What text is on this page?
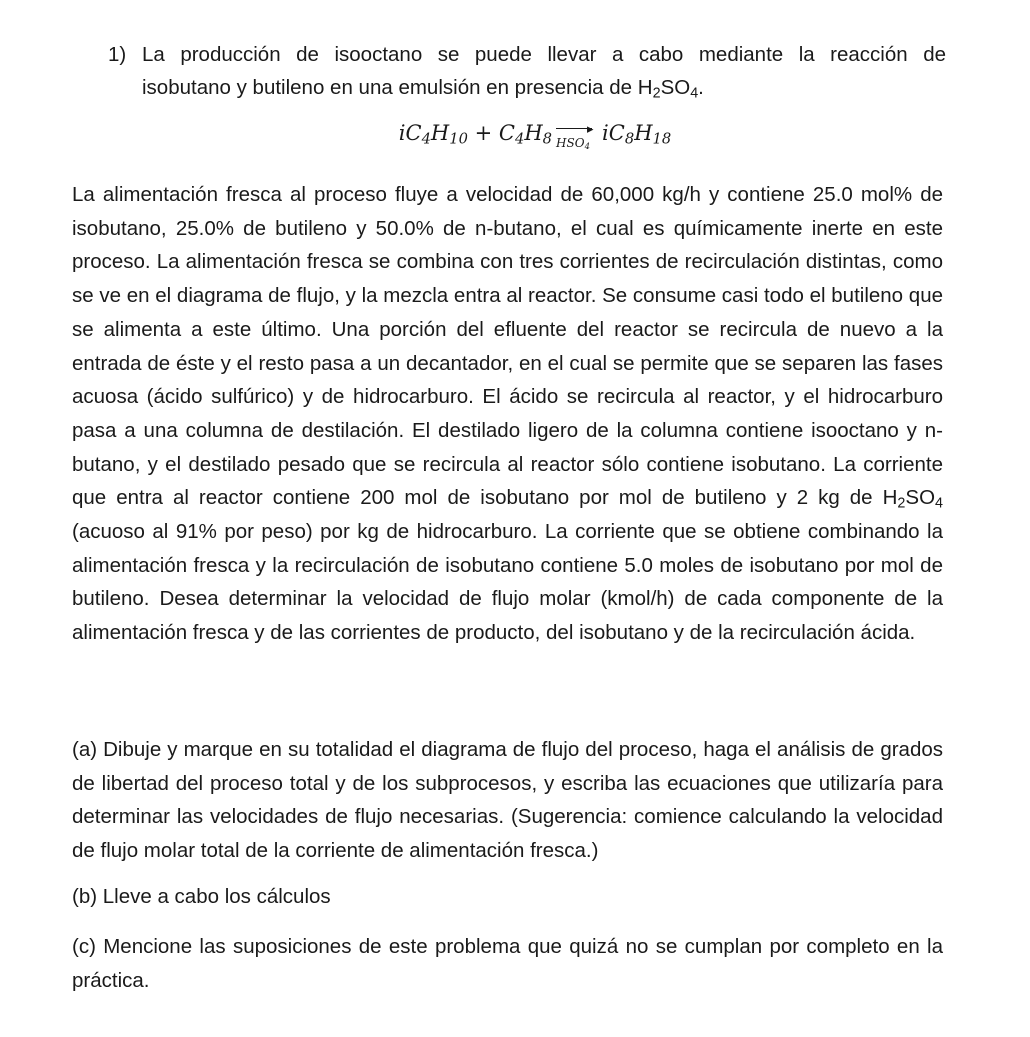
1) La producción de isooctano se puede llevar a cabo mediante la reacción de
isobutano y butileno en una emulsión en presencia de $H_2SO_4$.
$iC_4H_{10} + C_4H_8$
▸
$HSO_4$
$iC_8H_{18}$

La alimentación fresca al proceso fluye a velocidad de 60,000 kg/h y contiene 25.0 mol% de isobutano, 25.0% de butileno y 50.0% de n-butano, el cual es químicamente inerte en este proceso. La alimentación fresca se combina con tres corrientes de recirculación distintas, como se ve en el diagrama de flujo, y la mezcla entra al reactor. Se consume casi todo el butileno que se alimenta a este último. Una porción del efluente del reactor se recircula de nuevo a la entrada de éste y el resto pasa a un decantador, en el cual se permite que se separen las fases acuosa (ácido sulfúrico) y de hidrocarburo. El ácido se recircula al reactor, y el hidrocarburo pasa a una columna de destilación. El destilado ligero de la columna contiene isooctano y n-butano, y el destilado pesado que se recircula al reactor sólo contiene isobutano. La corriente que entra al reactor contiene 200 mol de isobutano por mol de butileno y 2 kg de $H_2SO_4$ (acuoso al 91% por peso) por kg de hidrocarburo. La corriente que se obtiene combinando la alimentación fresca y la recirculación de isobutano contiene 5.0 moles de isobutano por mol de butileno. Desea determinar la velocidad de flujo molar (kmol/h) de cada componente de la alimentación fresca y de las corrientes de producto, del isobutano y de la recirculación ácida.

(a) Dibuje y marque en su totalidad el diagrama de flujo del proceso, haga el análisis de grados de libertad del proceso total y de los subprocesos, y escriba las ecuaciones que utilizaría para determinar las velocidades de flujo necesarias. (Sugerencia: comience calculando la velocidad de flujo molar total de la corriente de alimentación fresca.)

(b) Lleve a cabo los cálculos

(c) Mencione las suposiciones de este problema que quizá no se cumplan por completo en la práctica.
